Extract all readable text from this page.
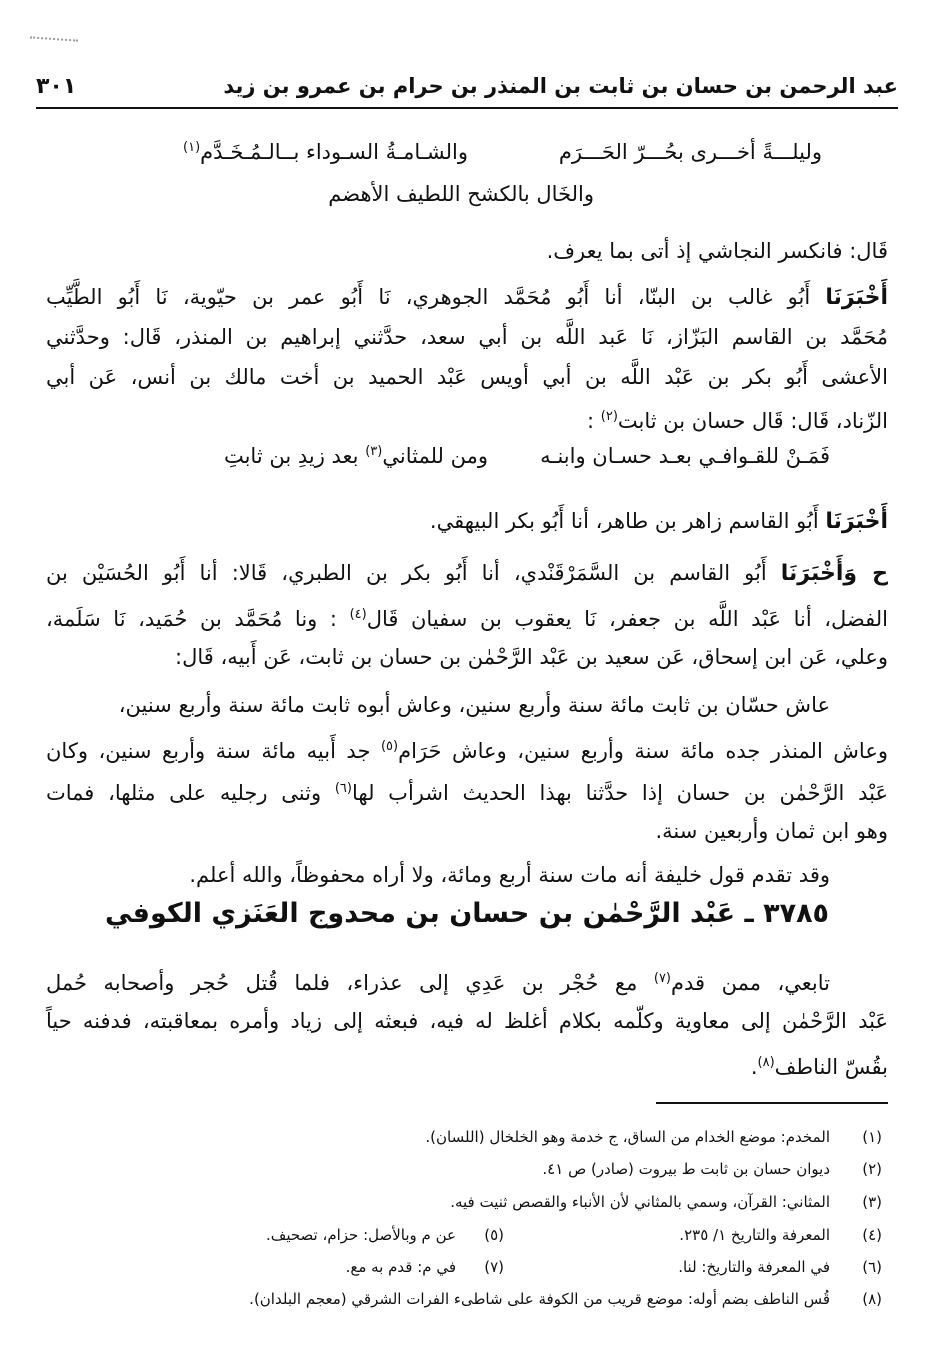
عبد الرحمن بن حسان بن ثابت بن المنذر بن حرام بن عمرو بن زيد
٣٠١
وليلـــةً أخـــرى بحُـــرّ الحَـــرَم
والشـامـةُ السـوداء بــالـمُـخَـدَّم$^{(١)}$
والخَال بالكشح اللطيف الأهضم
قَال: فانكسر النجاشي إذ أتى بما يعرف.
أَخْبَرَنَا أَبُو غالب بن البنّا، أنا أَبُو مُحَمَّد الجوهري، نَا أَبُو عمر بن حيّوية، نَا أَبُو الطَّيِّب
مُحَمَّد بن القاسم البَزّاز، نَا عَبد اللَّه بن أبي سعد، حدَّثني إبراهيم بن المنذر، قَال: وحدَّثني
الأعشى أَبُو بكر بن عَبْد اللَّه بن أبي أويس عَبْد الحميد بن أخت مالك بن أنس، عَن أبي
الزّناد، قَال: قَال حسان بن ثابت$^{(٢)}$ :
فَمَـنْ للقـوافـي بعـد حسـان وابنـه
ومن للمثاني$^{(٣)}$ بعد زيدِ بن ثابتِ
أَخْبَرَنَا أَبُو القاسم زاهر بن طاهر، أنا أَبُو بكر البيهقي.
ح وَأَخْبَرَنَا أَبُو القاسم بن السَّمَرْقَنْدي، أنا أَبُو بكر بن الطبري، قَالا: أنا أَبُو الحُسَيْن بن
الفضل، أنا عَبْد اللَّه بن جعفر، نَا يعقوب بن سفيان قَال$^{(٤)}$ : ونا مُحَمَّد بن حُمَيد، نَا سَلَمة،
وعلي، عَن ابن إسحاق، عَن سعيد بن عَبْد الرَّحْمٰن بن حسان بن ثابت، عَن أَبيه، قَال:
عاش حسّان بن ثابت مائة سنة وأربع سنين، وعاش أبوه ثابت مائة سنة وأربع سنين،
وعاش المنذر جده مائة سنة وأربع سنين، وعاش حَرَام$^{(٥)}$ جد أَبيه مائة سنة وأربع سنين، وكان
عَبْد الرَّحْمٰن بن حسان إذا حدَّثنا بهذا الحديث اشرأب لها$^{(٦)}$ وثنى رجليه على مثلها، فمات
وهو ابن ثمان وأربعين سنة.
وقد تقدم قول خليفة أنه مات سنة أربع ومائة، ولا أراه محفوظاً، والله أعلم.
٣٧٨٥ ـ عَبْد الرَّحْمٰن بن حسان بن محدوج العَنَزي الكوفي
تابعي، ممن قدم$^{(٧)}$ مع حُجْر بن عَدِي إلى عذراء، فلما قُتل حُجر وأصحابه حُمل
عَبْد الرَّحْمٰن إلى معاوية وكلّمه بكلام أغلظ له فيه، فبعثه إلى زياد وأمره بمعاقبته، فدفنه حياً
بقُسّ الناطف$^{(٨)}$.
(١)
المخدم: موضع الخدام من الساق، ج خدمة وهو الخلخال (اللسان).
(٢)
ديوان حسان بن ثابت ط بيروت (صادر) ص ٤١.
(٣)
المثاني: القرآن، وسمي بالمثاني لأن الأنباء والقصص ثنيت فيه.
(٤)
المعرفة والتاريخ ١/ ٢٣٥.
(٥)
عن م وبالأصل: حزام، تصحيف.
(٦)
في المعرفة والتاريخ: لنا.
(٧)
في م: قدم به مع.
(٨)
قُس الناطف بضم أوله: موضع قريب من الكوفة على شاطىء الفرات الشرقي (معجم البلدان).
